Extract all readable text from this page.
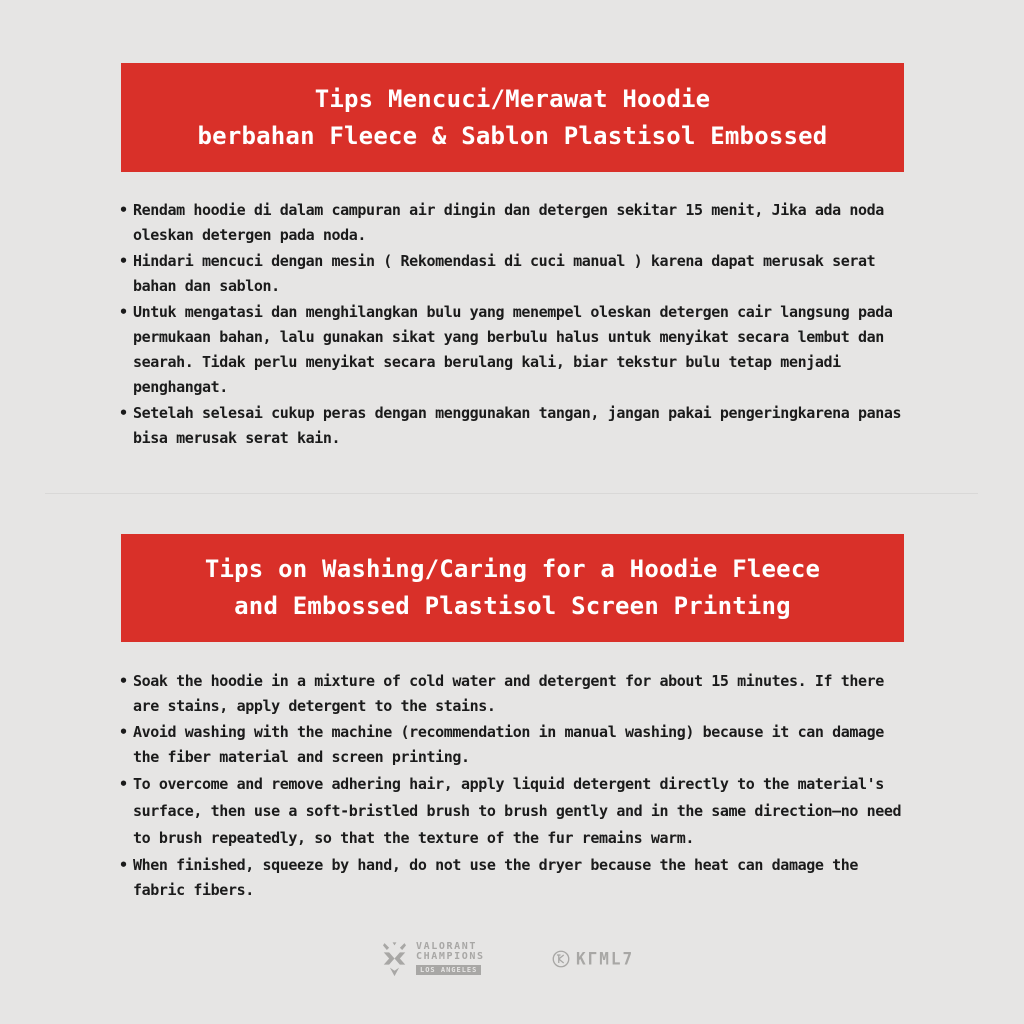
Tips Mencuci/Merawat Hoodie
berbahan Fleece & Sablon Plastisol Embossed
• Rendam hoodie di dalam campuran air dingin dan detergen sekitar 15 menit, Jika ada noda oleskan detergen pada noda.
• Hindari mencuci dengan mesin ( Rekomendasi di cuci manual ) karena dapat merusak serat bahan dan sablon.
• Untuk mengatasi dan menghilangkan bulu yang menempel oleskan detergen cair langsung pada permukaan bahan, lalu gunakan sikat yang berbulu halus untuk menyikat secara lembut dan searah. Tidak perlu menyikat secara berulang kali, biar tekstur bulu tetap menjadi penghangat.
• Setelah selesai cukup peras dengan menggunakan tangan, jangan pakai pengeringkarena panas bisa merusak serat kain.
Tips on Washing/Caring for a Hoodie Fleece
and Embossed Plastisol Screen Printing
• Soak the hoodie in a mixture of cold water and detergent for about 15 minutes. If there are stains, apply detergent to the stains.
• Avoid washing with the machine (recommendation in manual washing) because it can damage the fiber material and screen printing.
• To overcome and remove adhering hair, apply liquid detergent directly to the material's surface, then use a soft-bristled brush to brush gently and in the same direction—no need to brush repeatedly, so that the texture of the fur remains warm.
• When finished, squeeze by hand, do not use the dryer because the heat can damage the fabric fibers.
VALORANT
CHAMPIONS
LOS ANGELES
KΓML7
